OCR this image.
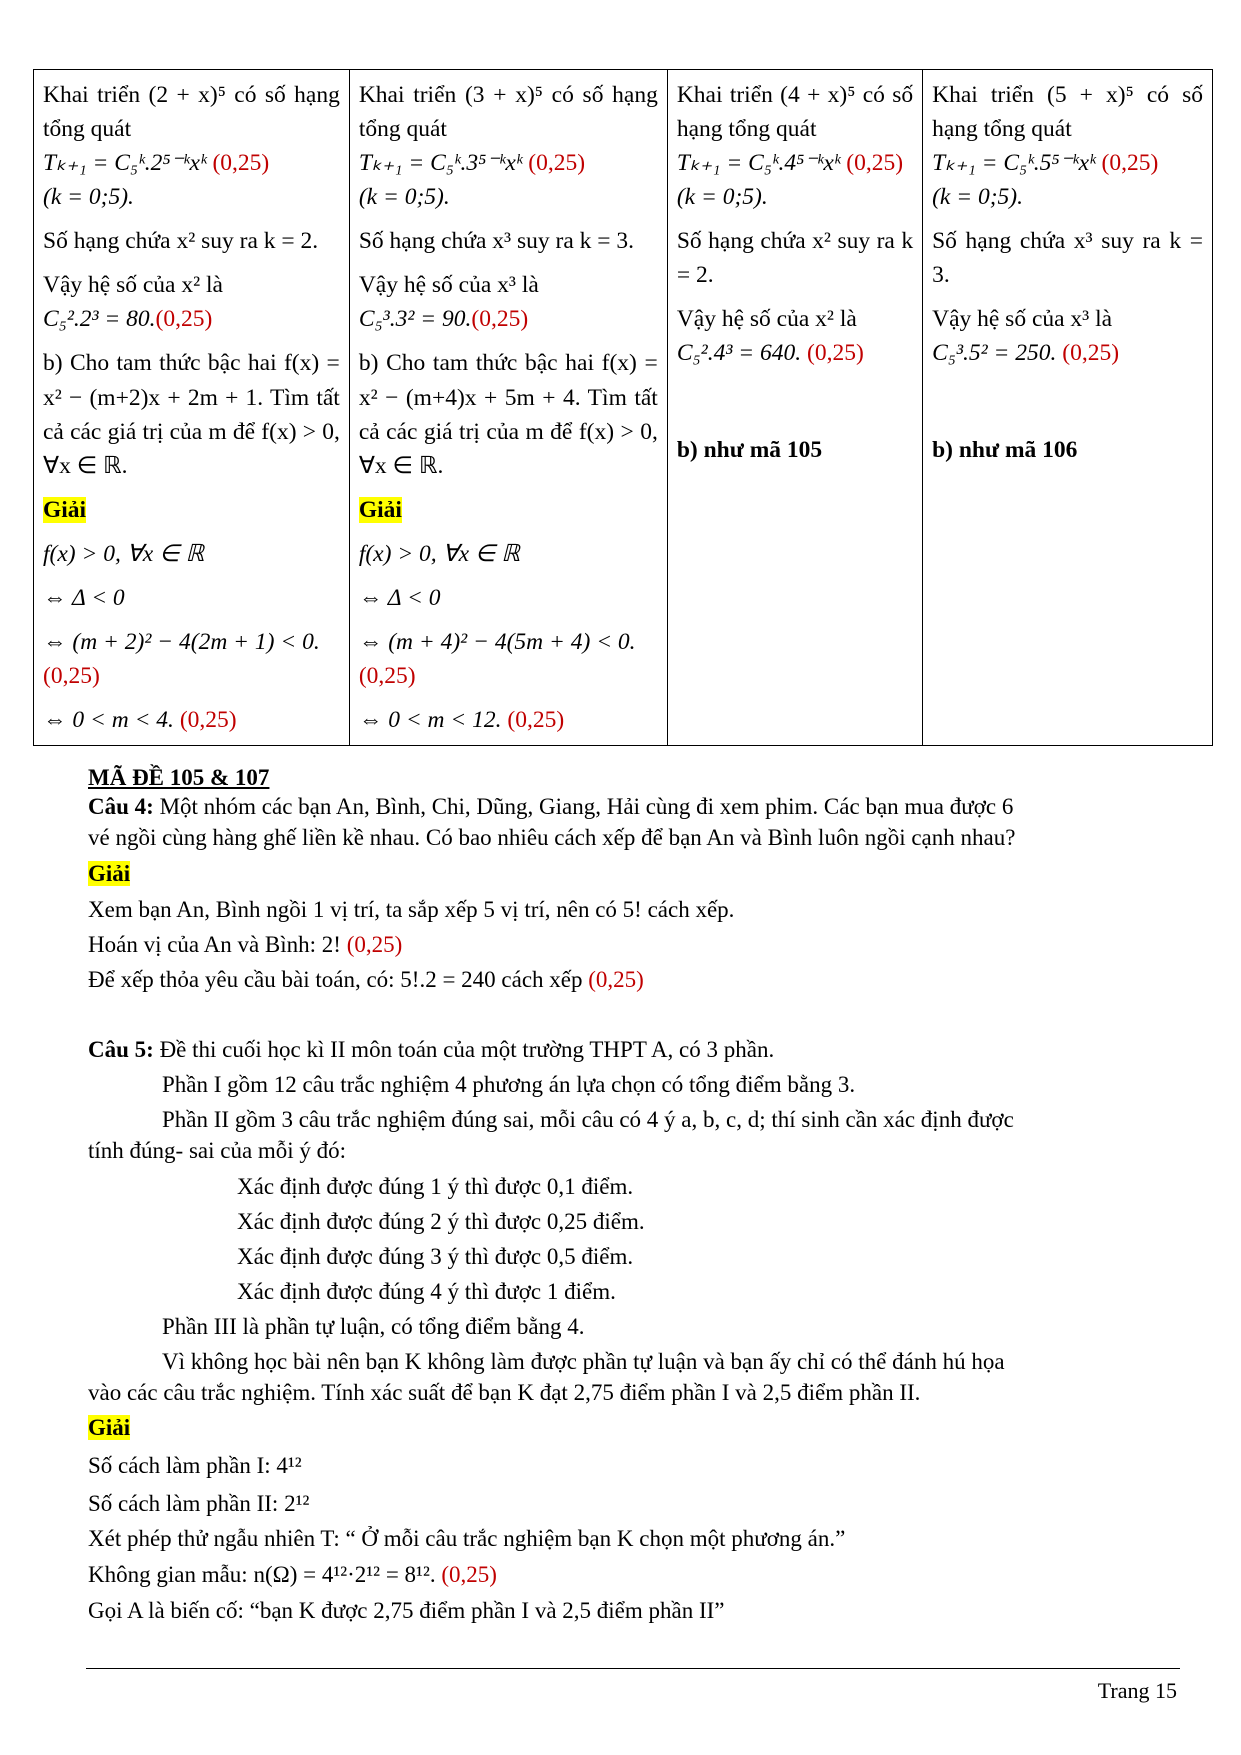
Khai triển (2 + x)⁵ có số hạng tổng quát
Tₖ₊₁ = C₅ᵏ.2⁵⁻ᵏxᵏ (0,25)
(k = 0;5).
Số hạng chứa x² suy ra k = 2.
Vậy hệ số của x² là
C₅².2³ = 80.(0,25)
b) Cho tam thức bậc hai f(x) = x² − (m+2)x + 2m + 1. Tìm tất cả các giá trị của m để f(x) > 0, ∀x ∈ ℝ.
Giải
f(x) > 0, ∀x ∈ ℝ
⇔ Δ < 0
⇔ (m + 2)² − 4(2m + 1) < 0.
(0,25)
⇔ 0 < m < 4. (0,25)

Khai triển (3 + x)⁵ có số hạng tổng quát
Tₖ₊₁ = C₅ᵏ.3⁵⁻ᵏxᵏ (0,25)
(k = 0;5).
Số hạng chứa x³ suy ra k = 3.
Vậy hệ số của x³ là
C₅³.3² = 90.(0,25)
b) Cho tam thức bậc hai f(x) = x² − (m+4)x + 5m + 4. Tìm tất cả các giá trị của m để f(x) > 0, ∀x ∈ ℝ.
Giải
f(x) > 0, ∀x ∈ ℝ
⇔ Δ < 0
⇔ (m + 4)² − 4(5m + 4) < 0.
(0,25)
⇔ 0 < m < 12. (0,25)

Khai triển (4 + x)⁵ có số hạng tổng quát
Tₖ₊₁ = C₅ᵏ.4⁵⁻ᵏxᵏ (0,25)
(k = 0;5).
Số hạng chứa x² suy ra k = 2.
Vậy hệ số của x² là
C₅².4³ = 640. (0,25)
b) như mã 105

Khai triển (5 + x)⁵ có số hạng tổng quát
Tₖ₊₁ = C₅ᵏ.5⁵⁻ᵏxᵏ (0,25)
(k = 0;5).
Số hạng chứa x³ suy ra k = 3.
Vậy hệ số của x³ là
C₅³.5² = 250. (0,25)
b) như mã 106
MÃ ĐỀ 105 & 107
Câu 4: Một nhóm các bạn An, Bình, Chi, Dũng, Giang, Hải cùng đi xem phim. Các bạn mua được 6
vé ngồi cùng hàng ghế liền kề nhau. Có bao nhiêu cách xếp để bạn An và Bình luôn ngồi cạnh nhau?
Giải
Xem bạn An, Bình ngồi 1 vị trí, ta sắp xếp 5 vị trí, nên có 5! cách xếp.
Hoán vị của An và Bình: 2! (0,25)
Để xếp thỏa yêu cầu bài toán, có: 5!.2 = 240 cách xếp (0,25)
Câu 5: Đề thi cuối học kì II môn toán của một trường THPT A, có 3 phần.
Phần I gồm 12 câu trắc nghiệm 4 phương án lựa chọn có tổng điểm bằng 3.
Phần II gồm 3 câu trắc nghiệm đúng sai, mỗi câu có 4 ý a, b, c, d; thí sinh cần xác định được
tính đúng- sai của mỗi ý đó:
Xác định được đúng 1 ý thì được 0,1 điểm.
Xác định được đúng 2 ý thì được 0,25 điểm.
Xác định được đúng 3 ý thì được 0,5 điểm.
Xác định được đúng 4 ý thì được 1 điểm.
Phần III là phần tự luận, có tổng điểm bằng 4.
Vì không học bài nên bạn K không làm được phần tự luận và bạn ấy chỉ có thể đánh hú họa
vào các câu trắc nghiệm. Tính xác suất để bạn K đạt 2,75 điểm phần I và 2,5 điểm phần II.
Giải
Số cách làm phần I: 4¹²
Số cách làm phần II: 2¹²
Xét phép thử ngẫu nhiên T: “ Ở mỗi câu trắc nghiệm bạn K chọn một phương án.”
Không gian mẫu: n(Ω) = 4¹²·2¹² = 8¹². (0,25)
Gọi A là biến cố: “bạn K được 2,75 điểm phần I và 2,5 điểm phần II”
Trang 15
